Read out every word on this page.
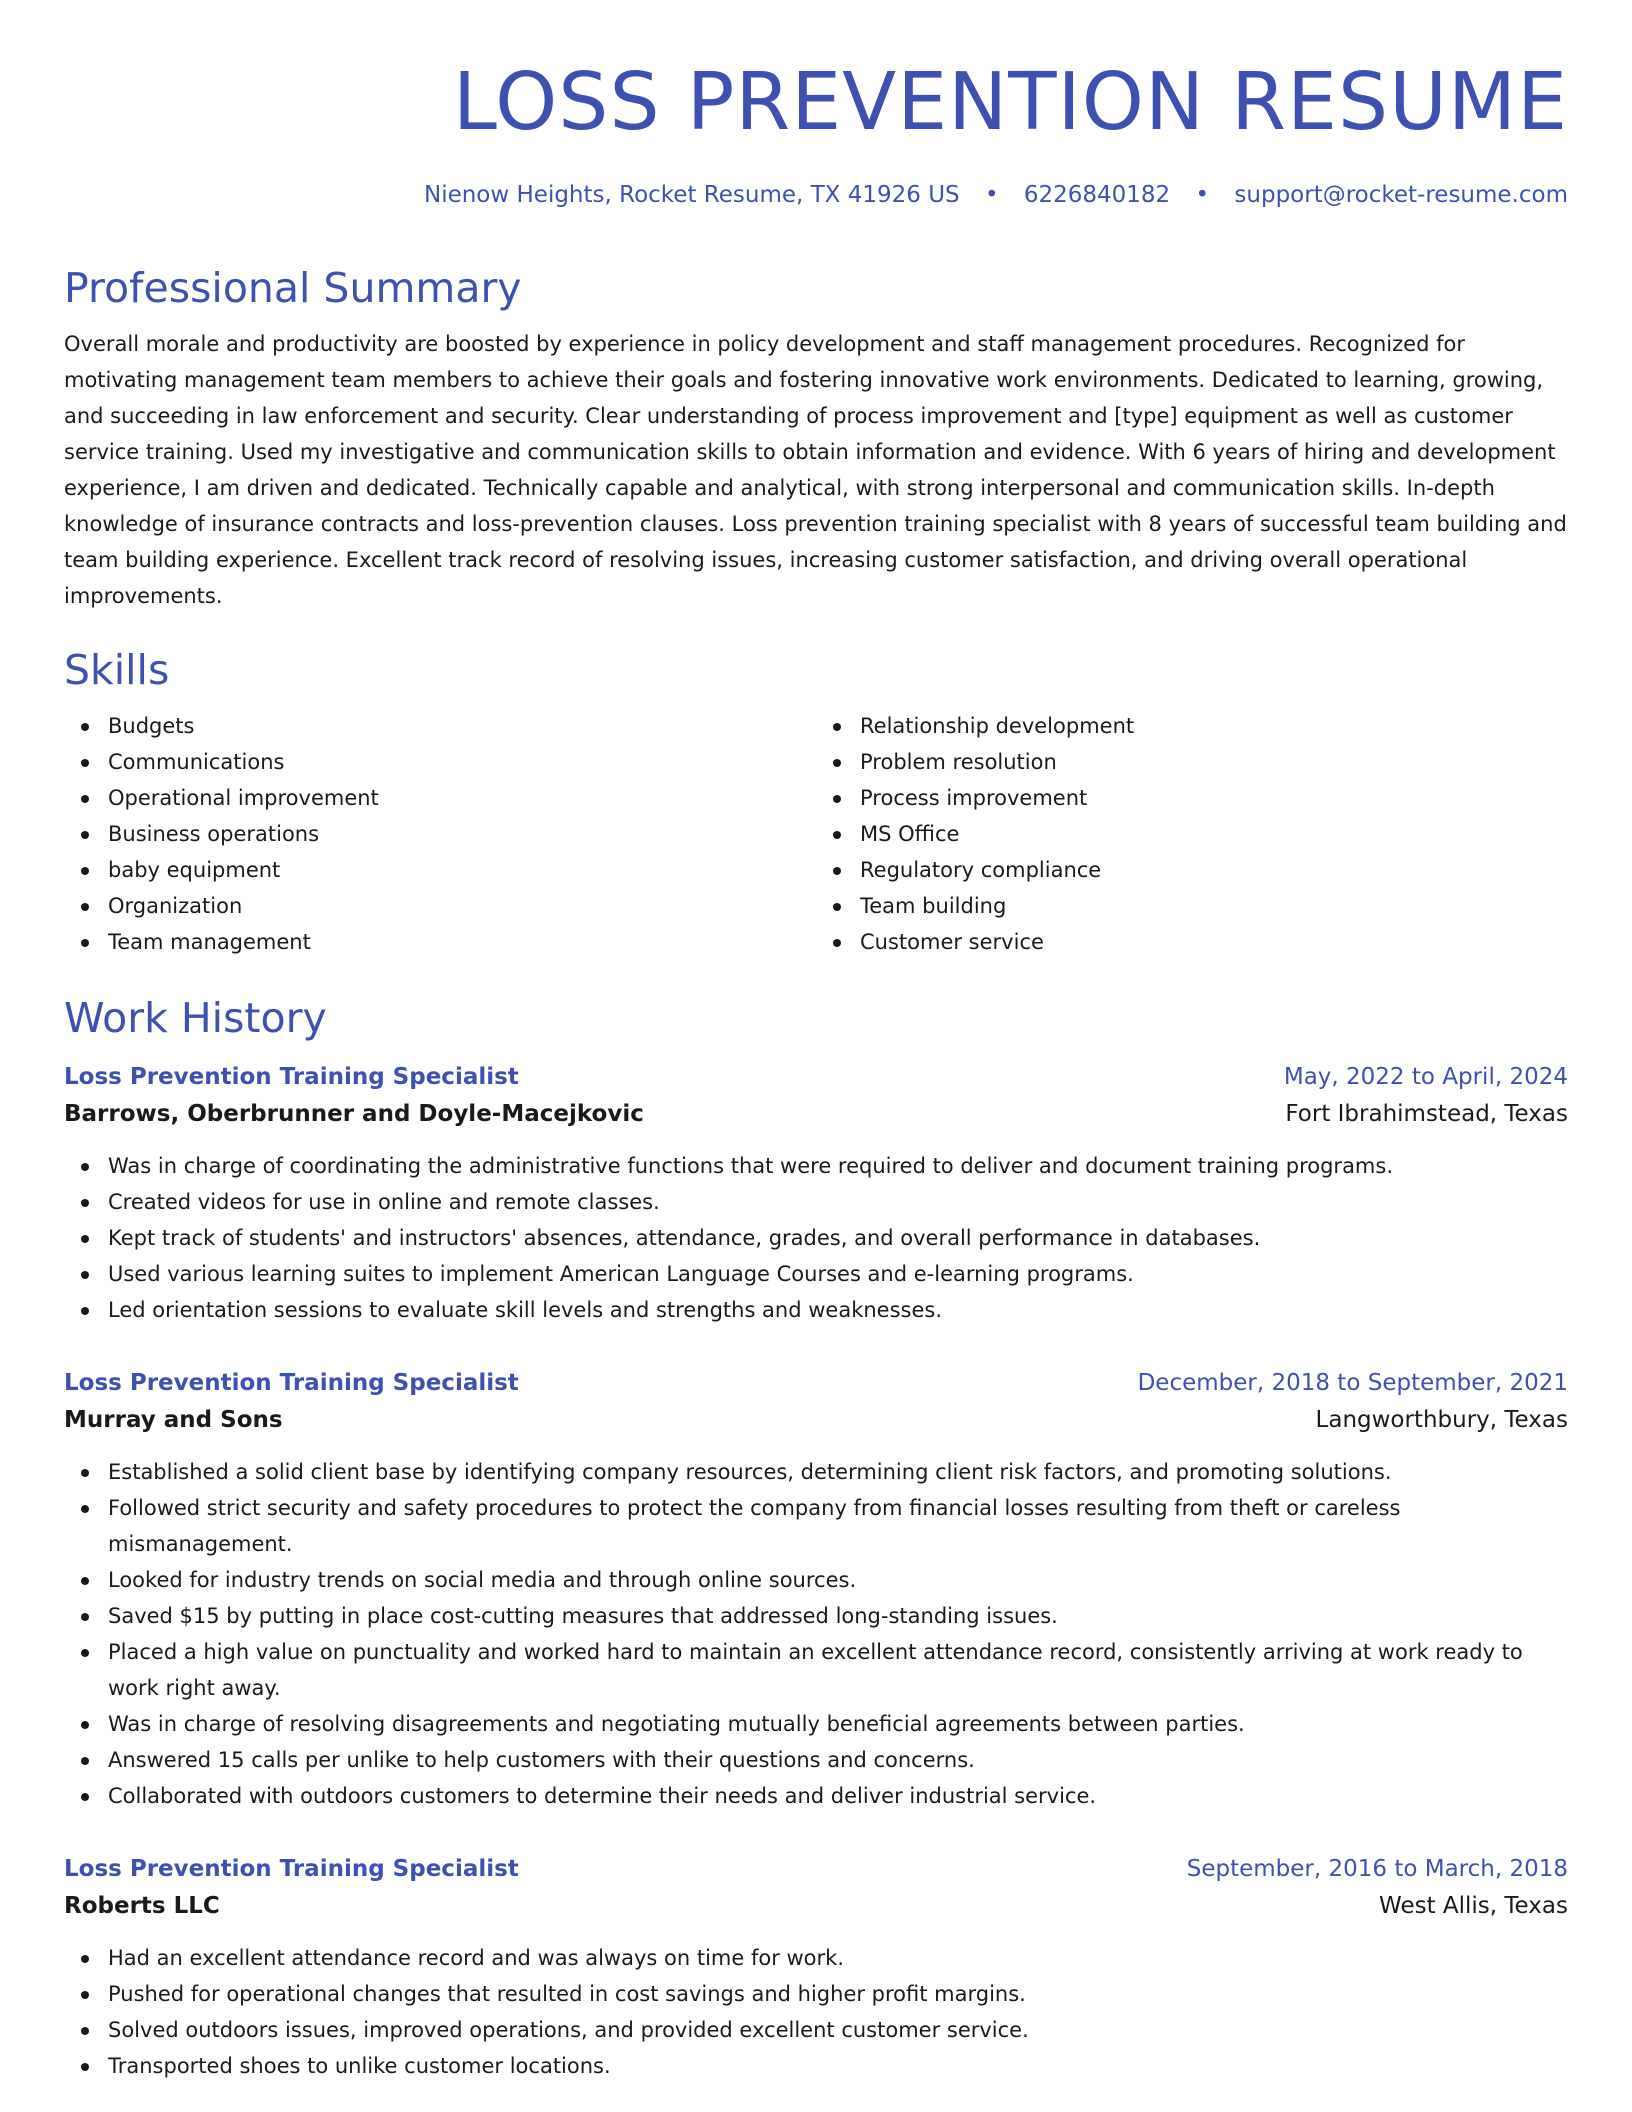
LOSS PREVENTION RESUME
Nienow Heights, Rocket Resume, TX 41926 US • 6226840182 • support@rocket-resume.com
Professional Summary

Overall morale and productivity are boosted by experience in policy development and staff management procedures. Recognized for motivating management team members to achieve their goals and fostering innovative work environments. Dedicated to learning, growing, and succeeding in law enforcement and security. Clear understanding of process improvement and [type] equipment as well as customer service training. Used my investigative and communication skills to obtain information and evidence. With 6 years of hiring and development experience, I am driven and dedicated. Technically capable and analytical, with strong interpersonal and communication skills. In-depth knowledge of insurance contracts and loss-prevention clauses. Loss prevention training specialist with 8 years of successful team building and team building experience. Excellent track record of resolving issues, increasing customer satisfaction, and driving overall operational improvements.

Skills
Budgets
Communications
Operational improvement
Business operations
baby equipment
Organization
Team management
Relationship development
Problem resolution
Process improvement
MS Office
Regulatory compliance
Team building
Customer service
Work History
Loss Prevention Training Specialist	May, 2022 to April, 2024
Barrows, Oberbrunner and Doyle-Macejkovic	Fort Ibrahimstead, Texas
Was in charge of coordinating the administrative functions that were required to deliver and document training programs.
Created videos for use in online and remote classes.
Kept track of students' and instructors' absences, attendance, grades, and overall performance in databases.
Used various learning suites to implement American Language Courses and e-learning programs.
Led orientation sessions to evaluate skill levels and strengths and weaknesses.
Loss Prevention Training Specialist	December, 2018 to September, 2021
Murray and Sons	Langworthbury, Texas
Established a solid client base by identifying company resources, determining client risk factors, and promoting solutions.
Followed strict security and safety procedures to protect the company from financial losses resulting from theft or careless mismanagement.
Looked for industry trends on social media and through online sources.
Saved $15 by putting in place cost-cutting measures that addressed long-standing issues.
Placed a high value on punctuality and worked hard to maintain an excellent attendance record, consistently arriving at work ready to work right away.
Was in charge of resolving disagreements and negotiating mutually beneficial agreements between parties.
Answered 15 calls per unlike to help customers with their questions and concerns.
Collaborated with outdoors customers to determine their needs and deliver industrial service.
Loss Prevention Training Specialist	September, 2016 to March, 2018
Roberts LLC	West Allis, Texas
Had an excellent attendance record and was always on time for work.
Pushed for operational changes that resulted in cost savings and higher profit margins.
Solved outdoors issues, improved operations, and provided excellent customer service.
Transported shoes to unlike customer locations.
